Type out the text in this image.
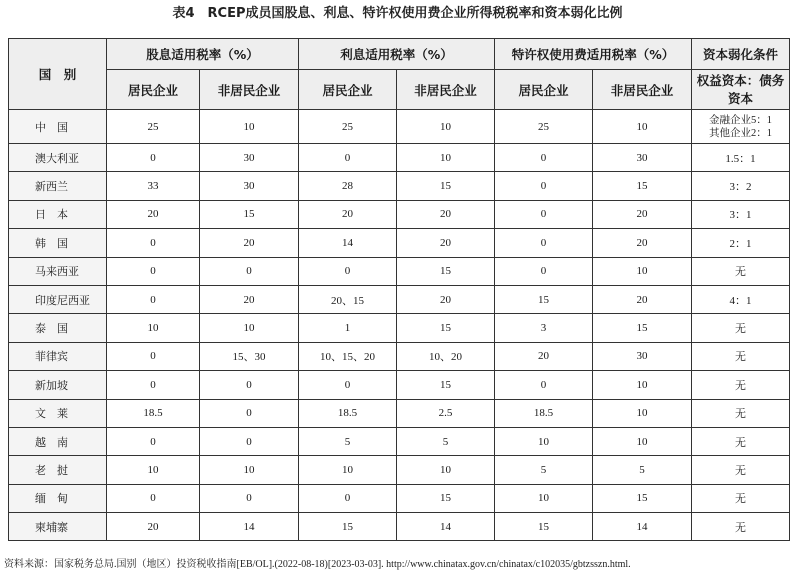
表4　RCEP成员国股息、利息、特许权使用费企业所得税税率和资本弱化比例
国　别	股息适用税率（%）		利息适用税率（%）		特许权使用费适用税率（%）		资本弱化条件
	居民企业	非居民企业	居民企业	非居民企业	居民企业	非居民企业	权益资本：债务资本
中　国	25	10	25	10	25	10	金融企业5：1
其他企业2：1

澳大利亚	0	30	0	10	0	30	1.5：1
新西兰	33	30	28	15	0	15	3：2
日　本	20	15	20	20	0	20	3：1
韩　国	0	20	14	20	0	20	2：1
马来西亚	0	0	0	15	0	10	无
印度尼西亚	0	20	20、15	20	15	20	4：1
泰　国	10	10	1	15	3	15	无
菲律宾	0	15、30	10、15、20	10、20	20	30	无
新加坡	0	0	0	15	0	10	无
文　莱	18.5	0	18.5	2.5	18.5	10	无
越　南	0	0	5	5	10	10	无
老　挝	10	10	10	10	5	5	无
缅　甸	0	0	0	15	10	15	无
柬埔寨	20	14	15	14	15	14	无
资料来源：国家税务总局.国别（地区）投资税收指南[EB/OL].(2022-08-18)[2023-03-03]. http://www.chinatax.gov.cn/chinatax/c102035/gbtzsszn.html.
